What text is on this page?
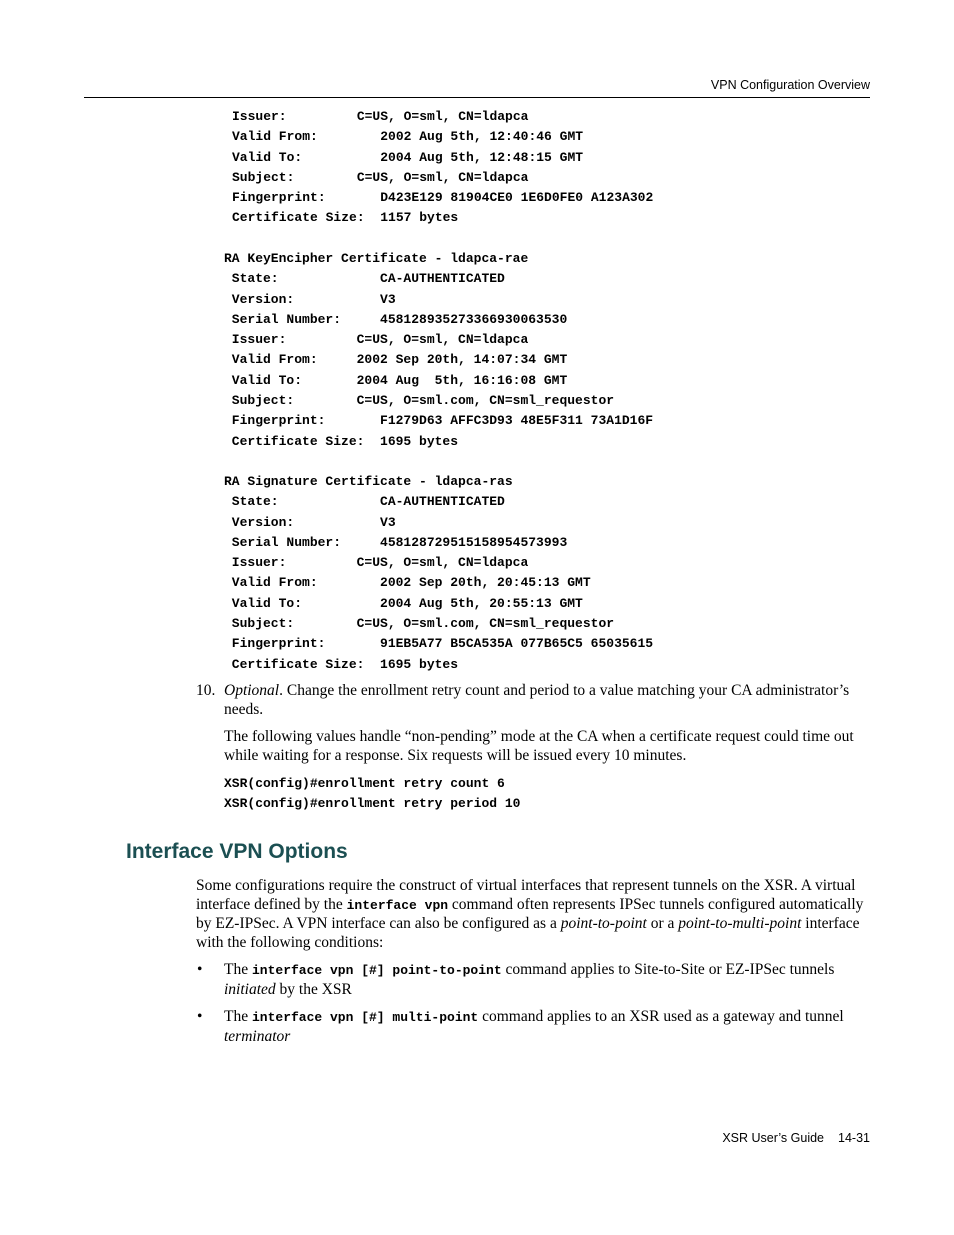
VPN Configuration Overview
Issuer:         C=US, O=sml, CN=ldapca
Valid From:        2002 Aug 5th, 12:40:46 GMT
Valid To:          2004 Aug 5th, 12:48:15 GMT
Subject:        C=US, O=sml, CN=ldapca
Fingerprint:       D423E129 81904CE0 1E6D0FE0 A123A302
Certificate Size:  1157 bytes
RA KeyEncipher Certificate - ldapca-rae
State:             CA-AUTHENTICATED
Version:           V3
Serial Number:     45812893527336693006353​0
Issuer:         C=US, O=sml, CN=ldapca
Valid From:     2002 Sep 20th, 14:07:34 GMT
Valid To:       2004 Aug  5th, 16:16:08 GMT
Subject:        C=US, O=sml.com, CN=sml_requestor
Fingerprint:       F1279D63 AFFC3D93 48E5F311 73A1D16F
Certificate Size:  1695 bytes
RA Signature Certificate - ldapca-ras
State:             CA-AUTHENTICATED
Version:           V3
Serial Number:     458128729515158954573993
Issuer:         C=US, O=sml, CN=ldapca
Valid From:        2002 Sep 20th, 20:45:13 GMT
Valid To:          2004 Aug 5th, 20:55:13 GMT
Subject:        C=US, O=sml.com, CN=sml_requestor
Fingerprint:       91EB5A77 B5CA535A 077B65C5 65035615
Certificate Size:  1695 bytes
10. Optional. Change the enrollment retry count and period to a value matching your CA administrator’s needs.
The following values handle “non-pending” mode at the CA when a certificate request could time out while waiting for a response. Six requests will be issued every 10 minutes.
XSR(config)#enrollment retry count 6
XSR(config)#enrollment retry period 10
Interface VPN Options
Some configurations require the construct of virtual interfaces that represent tunnels on the XSR. A virtual interface defined by the interface vpn command often represents IPSec tunnels configured automatically by EZ-IPSec. A VPN interface can also be configured as a point-to-point or a point-to-multi-point interface with the following conditions:
• The interface vpn [#] point-to-point command applies to Site-to-Site or EZ-IPSec tunnels initiated by the XSR
• The interface vpn [#] multi-point command applies to an XSR used as a gateway and tunnel terminator
XSR User’s Guide 14-31
